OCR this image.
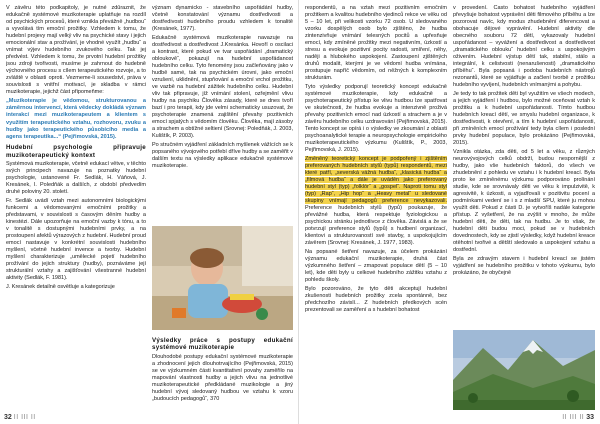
V závěru této podkapitoly, je nutné zdůraznit, že edukačně systémové muzikoterapie uplatňuje na rozdíl od psychických procesů, které vznikla převážně „hudbou“ a vyvolává tím emoční prožitky. Vzhledem k tomu, že hudební projevy mají velký vliv na psychické stavy i jejich emocionální stav a prožívání, je vhodné využít „hudbu“ a vnímat výjev hudebního zvukového celku. Tak jej předvést. Vzhledem k tomu, že prvotní hudební prožitky jsou zdroji tvořivosti, musíme je zahrnout do hudebně výchovného procesu s cílem terapeutického rozvoje, a to zvláště v oblasti oproti. Vezmeme-li sousedství, práva v souvislosti s vnitřní motivací, je skladba v rámci muzikoterapie, jejichž část připomeňme:

„Muzikoterapie je vědomou, strukturovanou a záměrnou intervencí, která vědecky dokládá význam interakcí mezi muzikoterapeutem a klientem s využitím terapeutického vztahu, rozhovoru, zvuku a hudby jako terapeutického působícího media a agens terapeutika...“ (Pejřimovská, 2015).
Hudební psychologie připravuje muzikoterapeutický kontext

Systémová muzikoterapie, včetně edukací větve, v těchto svých principech navazuje na poznatky hudební psychologie, ustanovené Fr. Sedlák, H. Váňová, J. Kresánek, I. Poledňák a dalších, z období předvedím druhé poloviny 20. století.

Fr. Sedlák uvádí vztah mezi autonomními biologickými funkcemi a vědomovanými emočními prožitky a představami, v souvislosti s časovým děním hudby a kinestézi. Dále upozorňuje na emoční vazby k tónu, a to v tonalitě s dostupnými hudebními prvky, a na prostoupení afektů výrazových z hudební. Hudební proud emocí nastavuje v konkrétní souvislosti hudebního myšlení, včetně hudební invence a tvorby. Hudební myšlení charakterizuje „umělecké pojetí hudebního prožívání do jejich struktury (hudby), poznáváme její strukturální vztahy a zajišťování všestranné hudební aktivity (Sedlák, F. 1981).

J. Kresánek detailně osvětluje a kategorizuje

význam dynamicko - stavebního uspořádání hudby, včetně konstatování významu dostředivosti a dostředivosti hudebního proudu vzhledem k tonalitě (Kresánek, 1977).

Edukačně systémová muzikoterapie navazuje na dostředivost a dostředivost J.Kresánka. Hovoří o oscilaci a kontrast, které pokud ve tvar uspořádání „dramatický obloukově“, pokazují na hudební uspořádanost hudebního celku. Tyto fenomény jsou začleňovány jako v hudbě samé, tak na psychickém úrovni, jako emoční vzrušení, uklidnění, stupňování a emoční vrchol prožitku, ve vazbě na hudební zážitek hudebního celku. Hudební vliv tak připravuje, jíž vnímání stolení, ozřejmění vlivu hudby na psychiku Člověka zásady, které se dnes tvoří bazí i pro terapii, kdy jde velmi schematicky usuzovat, že psychoterapie znamená zajištění převahy pozitivních emocí spjatých s vědomím člověku. Člověka, mají zásoby a strachem a obtížné seltiení (Srovnej: Poledňák, J. 2003, Kulištík, P. 2003).

Po stručném vyjádření základních myšlenek vážících se k popsaného vývojového potřebí dříve hudby a se zaměřit v dalším textu na výsledky aplikace edukačně systémové muzikoterapie.

Výsledky práce s postupy edukační systémové muzikoterapie

Dlouhodobé postupy edukační systémové muzikoterapie a zhodnocení jejich dlouhotrvajícího (Pejřimovská, 2015) se ve výzkumném části kvantitativní povahy zaměřilo na mapování vlastnosti hudby a jejich vlivu na jednotlivé muzikoterapeutické předkládané muzikologie a jiný hudební vývoj sledovaný hudbou ve vztahu k vzoru „budoucích pedagogů“, 370

32 II III II

respondentů, a na vztah mezi pozitivním emočním prožitkem a kvalitou hudebního vjedinců rekce ve věku od 5 – 10 let, při velikosti vzorku 72 osob. U sledovaného vzorku dospělých osob bylo zjištěno, že hudba zintenzivňuje vnímání telesných pocitů a upřesňuje emocí, kdy zmíněné prožitky mezi negativním, úzkostí a stresu a evokuje pozitivní pocity radosti, smíření, něhy, naději a hlubokého uspokojení. Zastoupení zjištěných druhů modalit, kterými je ve vědomí hudba vnímána, prostupuje napříč vědomím, od něžných k komplexním strukturám.

Tyto výsledky podporují teoretický koncept edukačně systémové muzikoterapie, kdy edukačně a psychoterapeutický přístup ke vlivu hudbou lze spatřovat ve skutečnosti, že hudba evokuje a intenzivně proživá převahy pozitivních emocí nad úzkostí a strachem a je v závěru hudebního celku uzdravování (Pejřimovská, 2015). Tento koncept se opírá i o výsledky ve zkoumání z oblasti psychoanalytické terapie a neuropsychologie empirického muzikoterapeutického výzkumu (Kulištík, P., 2003, Pejřimovská, J. 2015).

Změněný teoretický koncept je podpořený i zjištěním preferovaných hudebních stylů (typů) respondentů, mezi které patří, „severská vážná hudba“, „klasická hudba“ a „filmová hudba“ a dále je uváděn jako preferovaný hudební styl (typ) „folklór“ a „gospel“. Naproti tomu styl (typ) „Rap“, „Hip hop“ a „Heavy metal“ u sledované skupiny vnímají pedagogů preference nevykazovali. Preference hudebních stylů (typů) poukazuje, že převážné hudba, která respektuje fyziologickou a psychickou stránku jednotlivce z člověka. Závislá a že se potvrzují preference stylů (typů) s hudbení organizací, klientovi a strukturovaností své stavby, s uspokojujícím závěrem (Srovnej: Kresánek, J. 1977, 1983).

Na popsané šetření navazuje, za účelem prokázání významu edukační muzikoterapie, druhá část výzkumného šetření – zmapovat populace dětí (5 – 10 let), kde děti byly u celkové hudebního zážitku vztahu z pohledu školy.

Bylo pozorováno, že tyto děti akceptují hudební zkušenosti hudebních prožitky zcela spontánně, bez předchozího závislí... Z hudebních předkových scén prezentovali se zaměření a s hudební bohatost

v provedení. Často bohatost hudebního vyjádření převyšuje bohatost vyprávění děti filmového příběhu a lze pozorovat navíc, kdy modus zhudebnění diferencovat a obohacuje dějové vyprávění. Hudební aktivity dle obecného souboru 72 dětí, vykazovaly hudební uspořádanost – vyvážení a dostředivost a dostředivost „dramatického oblouku“ hudební celku s uspokojivým oživením. Hudební výstup dětí tak, stabilní, stálo a integrální, k celistvosti (nenarušenosti) „dramatického příběhu“. Byla popsaná i podoba hudebních nástrojů rezonantů, které se vyjádřuje a začlení tvorbě z prožitku hudebního vyvíjení, hudebních vnímanými a pohybu.

Je tedy to tak prožitek děti byl využitím ve všech modech, a jejich vyjádření i hudbou, bylo možné oceňovat vztah k prožitku a k hudební uspořádanosti. Tímto hudbou hudebních kreací dětí, ve smyslu hudební organizace, k dostředivosti, k otevření, a tím k hudební uspořádanosti, při zmíněních emocí prožívání tedy byla cílem i poslední prvky hudební populace, bylo prokázáno (Pejřimovská, 2015).

Vznikla otázka, zda děti, od 5 let a věku, z různých neurovývojových celků obdrží, budou nespornější z hudby, jako vše hudebních faktorů, do všech ve zhudebnění z pohledu ve vztahu i k hudební kreací. Byla proto ke zmíněnému výzkumu podporováno prolínání studie, kde se srovnávaly děti ve věku k impulzivitě, k agresivitě, k úzkosti, a vyjadřovali v pozitivitu pocení a podmínkami vedení se i s z mladší SPU, které ju mohou využít děti. Pokud z části D. je vytvoříš nadále kategorie přístup. Z vyšetření, že na zvýšit v mnoho, že může hudební děti, že děti, tak na hudbu. Je to však, že hudební děti budou moci, pokud se v hudebních dovednostech, kdy se zjistí výsledky, když hudební kreace otěhotní tvořivé a dětští sledovalo a uspokojení vztahu a dostřední.

Byla ze zdravým stavem i hudební kreací se jistém vyjádření se hudebního prožitku v tohoto výzkumu, bylo prokázáno, že obyčejně

II III II 33
